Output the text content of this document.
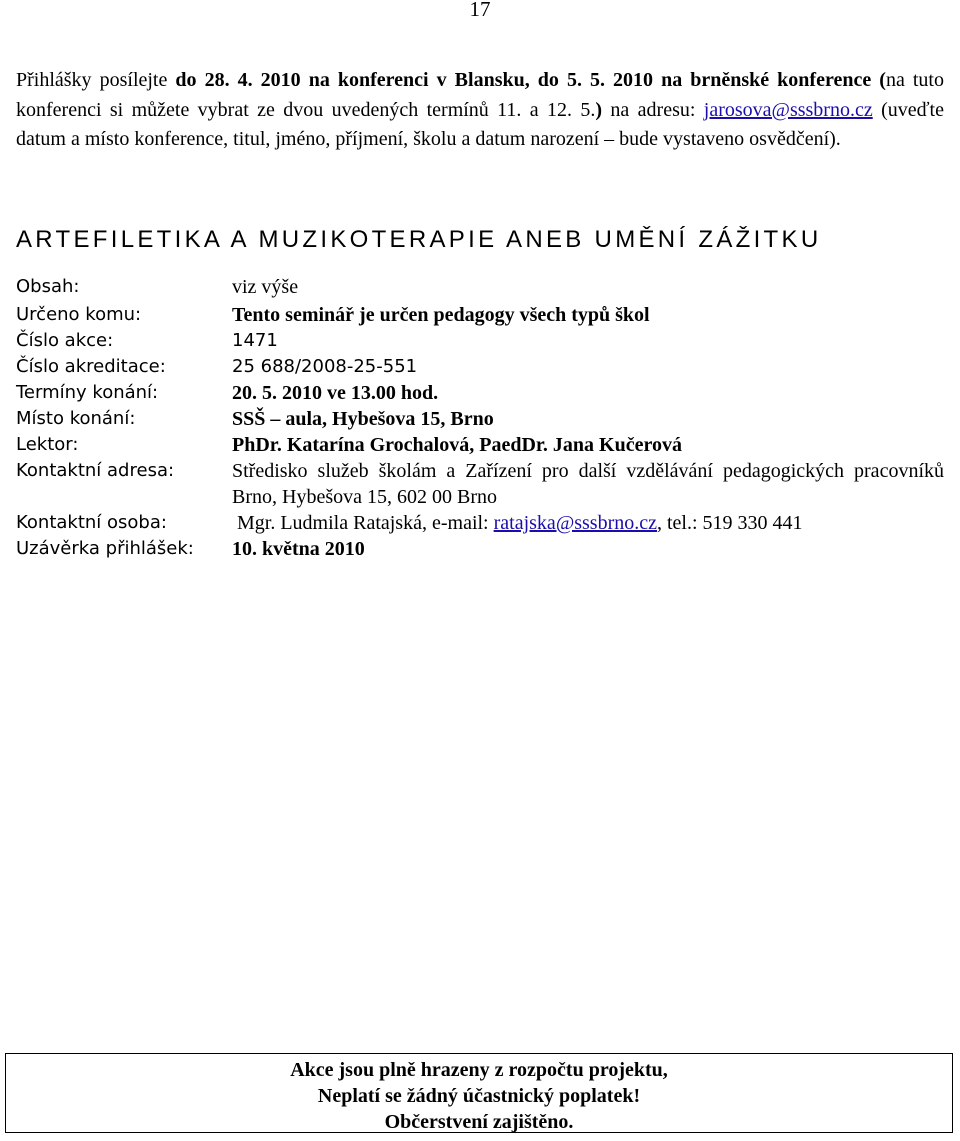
17

Přihlášky posílejte do 28. 4. 2010 na konferenci v Blansku, do 5. 5. 2010 na brněnské konference (na tuto konferenci si můžete vybrat ze dvou uvedených termínů 11. a 12. 5.) na adresu: jarosova@sssbrno.cz (uveďte datum a místo konference, titul, jméno, příjmení, školu a datum narození – bude vystaveno osvědčení).

ARTEFILETIKA A MUZIKOTERAPIE ANEB UMĚNÍ ZÁŽITKU
Obsah:	viz výše
Určeno komu:	Tento seminář je určen pedagogy všech typů škol
Číslo akce:	1471
Číslo akreditace:	25 688/2008-25-551
Termíny konání:	20. 5. 2010 ve 13.00 hod.
Místo konání:	SSŠ – aula, Hybešova 15, Brno
Lektor:	PhDr. Katarína Grochalová, PaedDr. Jana Kučerová
Kontaktní adresa:	Středisko služeb školám a Zařízení pro další vzdělávání pedagogických pracovníků Brno, Hybešova 15, 602 00 Brno
Kontaktní osoba:	Mgr. Ludmila Ratajská, e-mail: ratajska@sssbrno.cz, tel.: 519 330 441
Uzávěrka přihlášek: 10. května 2010
Akce jsou plně hrazeny z rozpočtu projektu,
Neplatí se žádný účastnický poplatek!
Občerstvení zajištěno.
